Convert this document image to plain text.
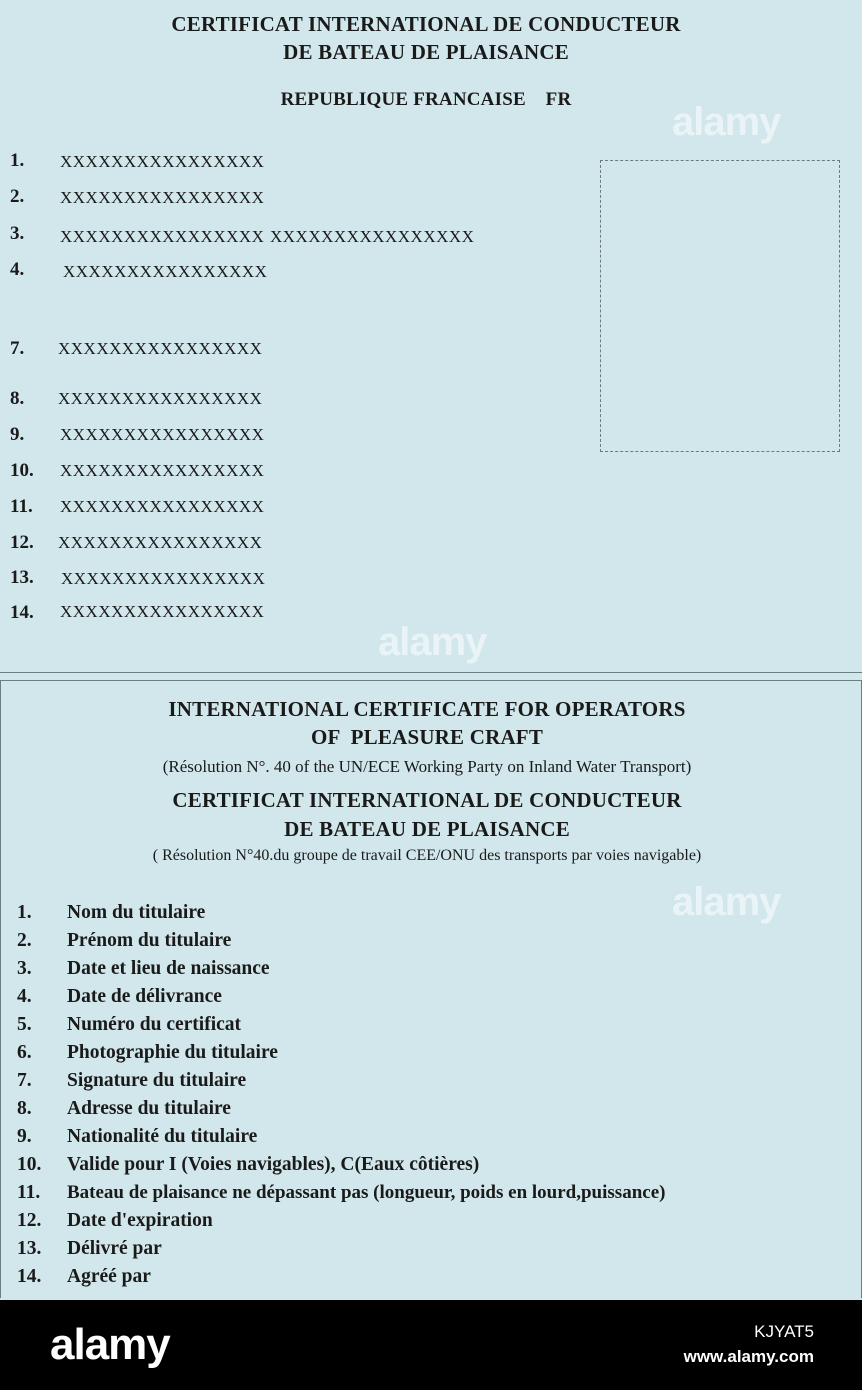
CERTIFICAT INTERNATIONAL DE CONDUCTEUR
DE BATEAU DE PLAISANCE
REPUBLIQUE FRANCAISE    FR
1. XXXXXXXXXXXXXXXX
2. XXXXXXXXXXXXXXXX
3. XXXXXXXXXXXXXXXX XXXXXXXXXXXXXXXX
4. XXXXXXXXXXXXXXXX
7. XXXXXXXXXXXXXXXX
8. XXXXXXXXXXXXXXXX
9. XXXXXXXXXXXXXXXX
10. XXXXXXXXXXXXXXXX
11. XXXXXXXXXXXXXXXX
12. XXXXXXXXXXXXXXXX
13. XXXXXXXXXXXXXXXX
14. XXXXXXXXXXXXXXXX
INTERNATIONAL CERTIFICATE FOR OPERATORS
OF  PLEASURE CRAFT
(Résolution N°. 40 of the UN/ECE Working Party on Inland Water Transport)
CERTIFICAT INTERNATIONAL DE CONDUCTEUR
DE BATEAU DE PLAISANCE
( Résolution N°40.du groupe de travail CEE/ONU des transports par voies navigable)
1. Nom du titulaire
2. Prénom du titulaire
3. Date et lieu de naissance
4. Date de délivrance
5. Numéro du certificat
6. Photographie du titulaire
7. Signature du titulaire
8. Adresse du titulaire
9. Nationalité du titulaire
10. Valide pour I (Voies navigables), C(Eaux côtières)
11. Bateau de plaisance ne dépassant pas (longueur, poids en lourd,puissance)
12. Date d'expiration
13. Délivré par
14. Agréé par
alamy
alamy
alamy
alamy	KJYAT5
www.alamy.com
